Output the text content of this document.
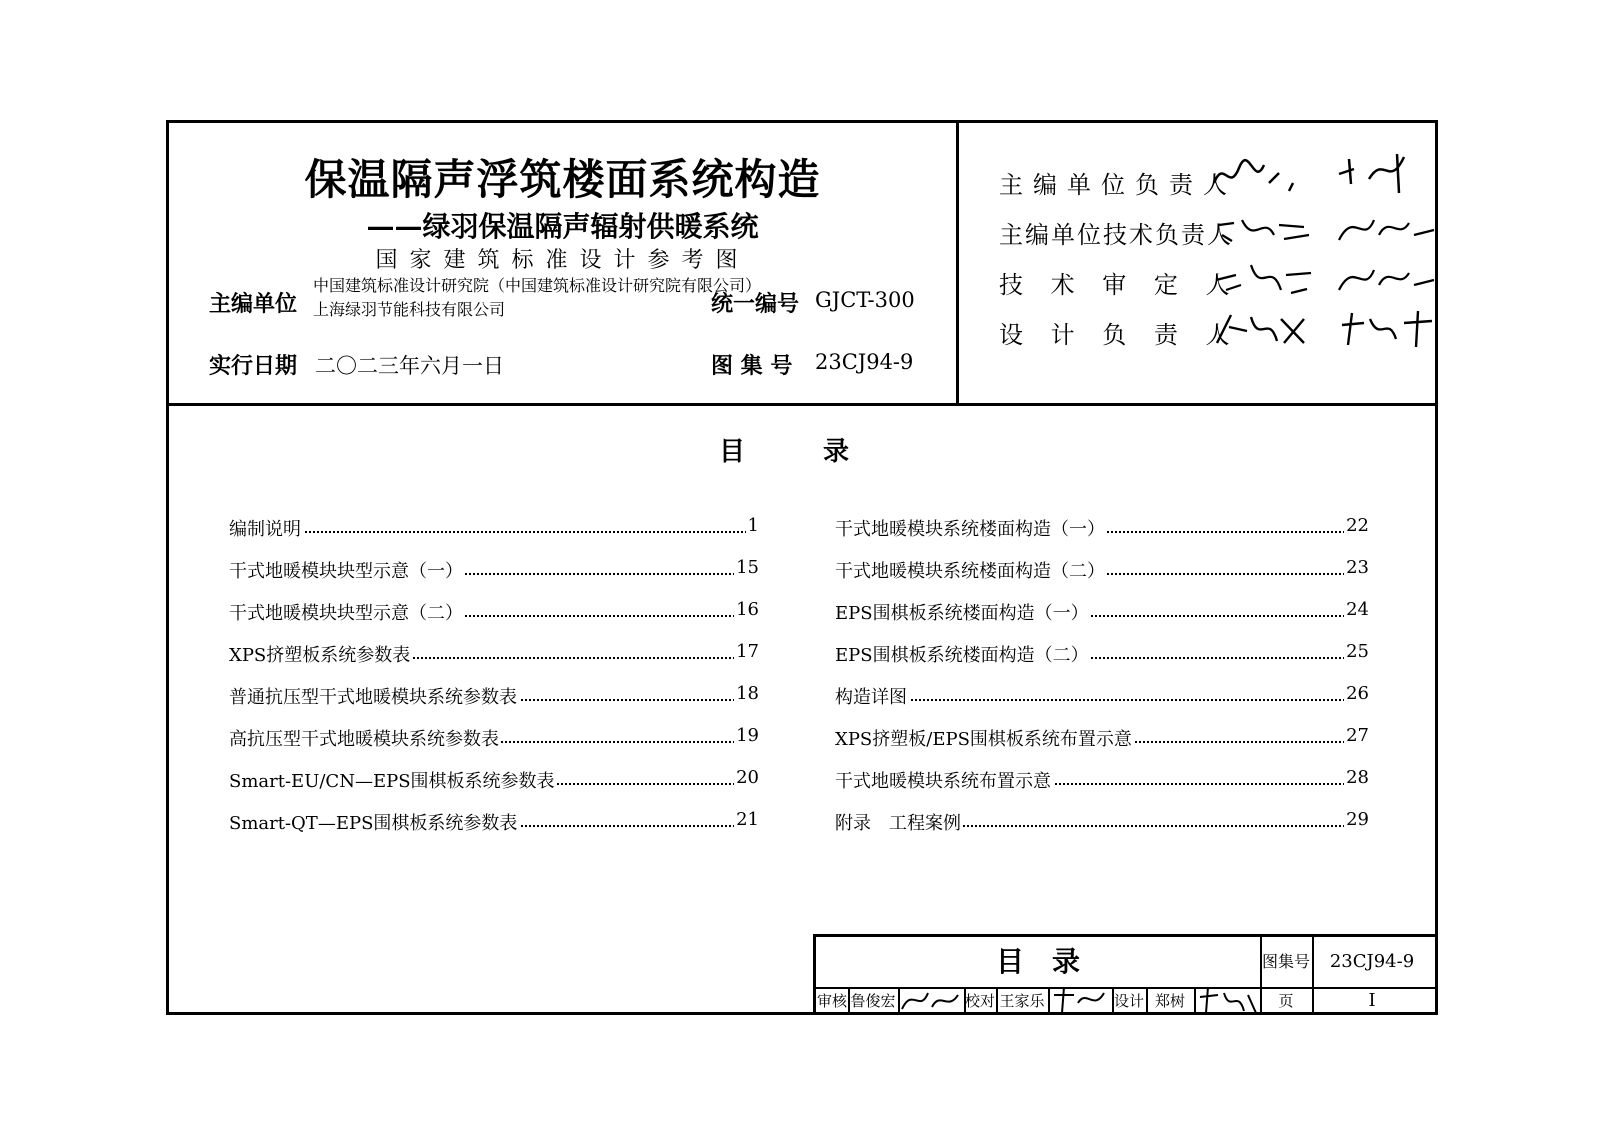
保温隔声浮筑楼面系统构造
——绿羽保温隔声辐射供暖系统
国家建筑标准设计参考图
主编单位
中国建筑标准设计研究院（中国建筑标准设计研究院有限公司）
上海绿羽节能科技有限公司	统一编号 GJCT-300
实行日期 二〇二三年六月一日	图 集 号 23CJ94-9
主编单位负责人
主编单位技术负责人
技 术 审 定 人
设 计 负 责 人
目　　　录
编制说明	1
干式地暖模块块型示意（一）	15
干式地暖模块块型示意（二）	16
XPS挤塑板系统参数表	17
普通抗压型干式地暖模块系统参数表	18
高抗压型干式地暖模块系统参数表	19
Smart-EU/CN—EPS围棋板系统参数表	20
Smart-QT—EPS围棋板系统参数表	21
干式地暖模块系统楼面构造（一）	22
干式地暖模块系统楼面构造（二）	23
EPS围棋板系统楼面构造（一）	24
EPS围棋板系统楼面构造（二）	25
构造详图	26
XPS挤塑板/EPS围棋板系统布置示意	27
干式地暖模块系统布置示意	28
附录　工程案例	29
目　录	图集号	23CJ94-9
审核 鲁俊宏	校对 王家乐	设计 郑树	页	I
